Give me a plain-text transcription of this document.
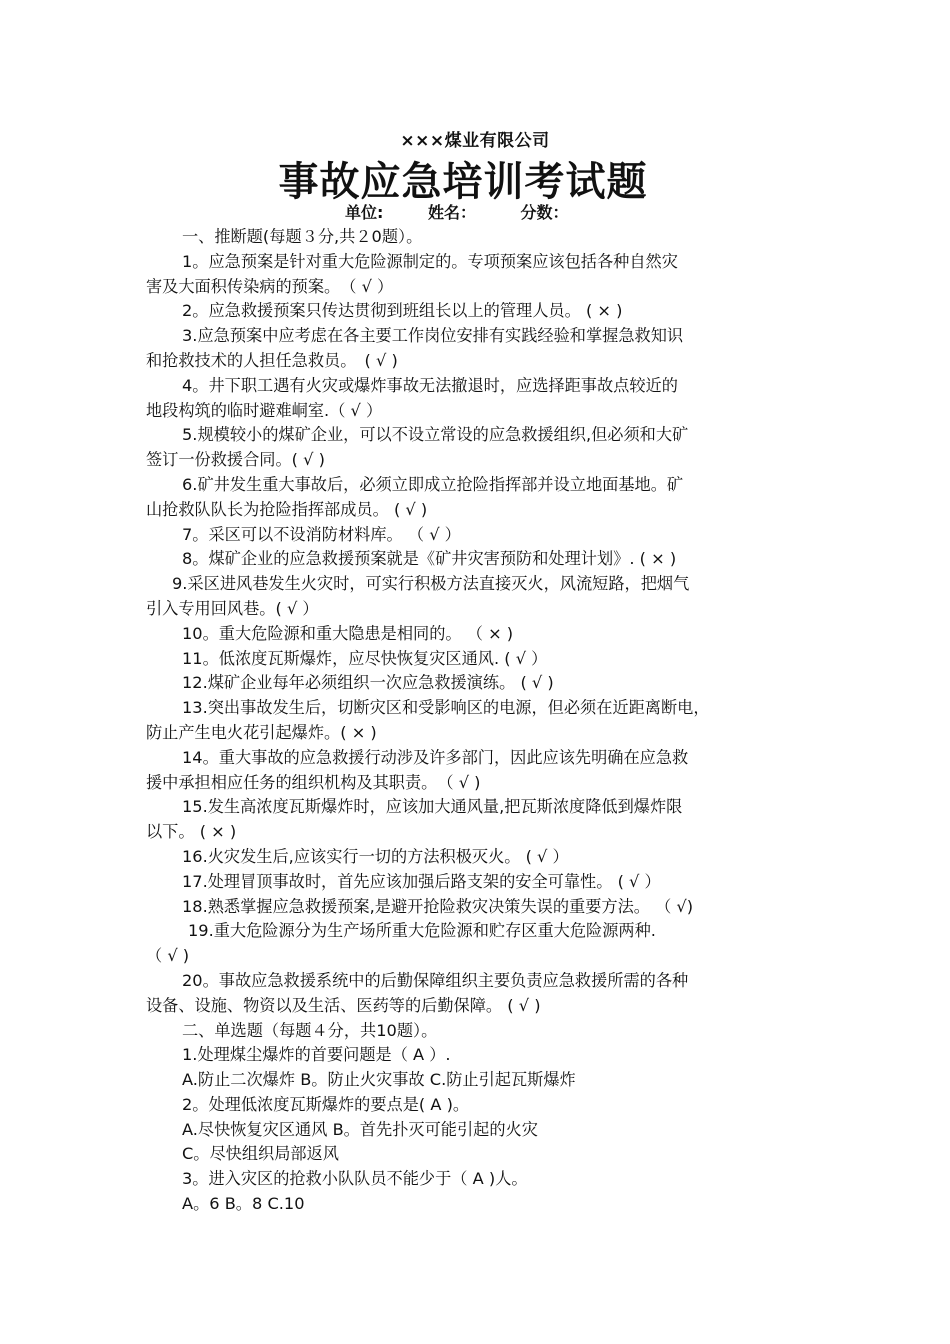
×××煤业有限公司
事故应急培训考试题
单位:	姓名：	分数：
一、推断题(每题３分,共２0题）。
1。应急预案是针对重大危险源制定的。专项预案应该包括各种自然灾
害及大面积传染病的预案。　（ √ ）
2。应急救援预案只传达贯彻到班组长以上的管理人员。 ( × )
3.应急预案中应考虑在各主要工作岗位安排有实践经验和掌握急救知识
和抢救技术的人担任急救员。　( √ )
4。井下职工遇有火灾或爆炸事故无法撤退时，应选择距事故点较近的
地段构筑的临时避难峒室.（ √ ）
5.规模较小的煤矿企业，可以不设立常设的应急救援组织,但必须和大矿
签订一份救援合同。( √ )
6.矿井发生重大事故后，必须立即成立抢险指挥部并设立地面基地。矿
山抢救队队长为抢险指挥部成员。 ( √ )
7。采区可以不设消防材料库。 （ √ ）
8。煤矿企业的应急救援预案就是《矿井灾害预防和处理计划》. ( × )
9.采区进风巷发生火灾时，可实行积极方法直接灭火，风流短路，把烟气
引入专用回风巷。( √ ）
10。重大危险源和重大隐患是相同的。 （ × )
11。低浓度瓦斯爆炸，应尽快恢复灾区通风. ( √ ）
12.煤矿企业每年必须组织一次应急救援演练。 ( √ )
13.突出事故发生后，切断灾区和受影响区的电源，但必须在近距离断电，
防止产生电火花引起爆炸。( × )
14。重大事故的应急救援行动涉及许多部门，因此应该先明确在应急救
援中承担相应任务的组织机构及其职责。　（ √ )
15.发生高浓度瓦斯爆炸时，应该加大通风量,把瓦斯浓度降低到爆炸限
以下。 ( × )
16.火灾发生后,应该实行一切的方法积极灭火。 ( √ ）
17.处理冒顶事故时，首先应该加强后路支架的安全可靠性。 ( √ ）
18.熟悉掌握应急救援预案,是避开抢险救灾决策失误的重要方法。 （ √)
19.重大危险源分为生产场所重大危险源和贮存区重大危险源两种.
（ √ )
20。事故应急救援系统中的后勤保障组织主要负责应急救援所需的各种
设备、设施、物资以及生活、医药等的后勤保障。 ( √ )
二、单选题（每题４分，共10题）。
1.处理煤尘爆炸的首要问题是（ A ）.
A.防止二次爆炸 B。防止火灾事故 C.防止引起瓦斯爆炸
2。处理低浓度瓦斯爆炸的要点是( A )。
A.尽快恢复灾区通风 B。首先扑灭可能引起的火灾
C。尽快组织局部返风
3。进入灾区的抢救小队队员不能少于（ A )人。
A。6 B。8 C.10
